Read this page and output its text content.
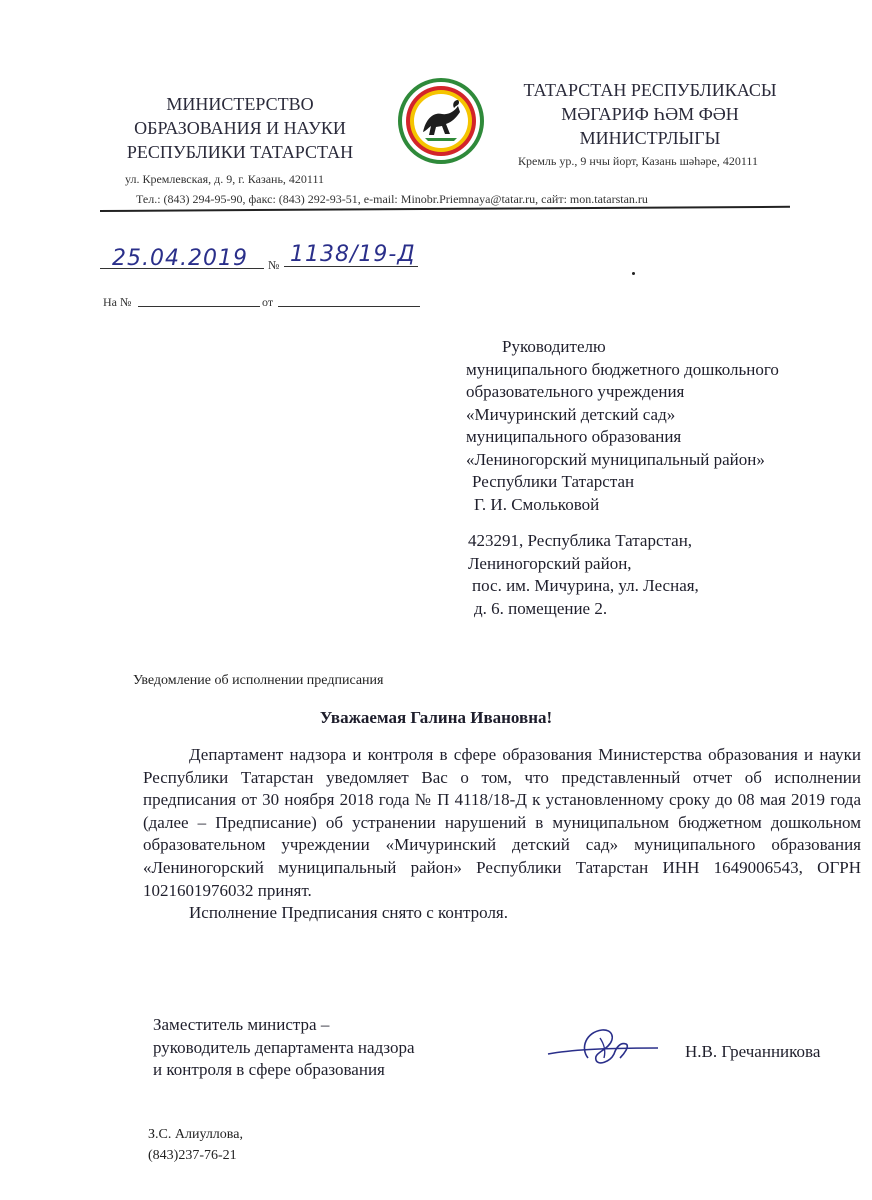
МИНИСТЕРСТВО
ОБРАЗОВАНИЯ И НАУКИ
РЕСПУБЛИКИ ТАТАРСТАН
ул. Кремлевская, д. 9, г. Казань, 420111
ТАТАРСТАН РЕСПУБЛИКАСЫ
МӘГАРИФ ҺӘМ ФӘН
МИНИСТРЛЫГЫ
Кремль ур., 9 нчы йорт, Казань шәһәре, 420111
Тел.: (843) 294-95-90, факс: (843) 292-93-51, e-mail: Minobr.Priemnaya@tatar.ru, сайт: mon.tatarstan.ru
25.04.2019 № 1138/19-Д
На №	от
Руководителю
муниципального бюджетного дошкольного
образовательного учреждения
«Мичуринский детский сад»
муниципального образования
«Лениногорский муниципальный район»
Республики Татарстан
Г. И. Смольковой
423291, Республика Татарстан,
Лениногорский район,
пос. им. Мичурина, ул. Лесная,
д. 6. помещение 2.
Уведомление об исполнении предписания
Уважаемая Галина Ивановна!

Департамент надзора и контроля в сфере образования Министерства образования и науки Республики Татарстан уведомляет Вас о том, что представленный отчет об исполнении предписания от 30 ноября 2018 года № П 4118/18-Д к установленному сроку до 08 мая 2019 года (далее – Предписание) об устранении нарушений в муниципальном бюджетном дошкольном образовательном учреждении «Мичуринский детский сад» муниципального образования «Лениногорский муниципальный район» Республики Татарстан ИНН 1649006543, ОГРН 1021601976032 принят.

Исполнение Предписания снято с контроля.

Заместитель министра –
руководитель департамента надзора
и контроля в сфере образования
Н.В. Гречанникова
З.С. Алиуллова,
(843)237-76-21
